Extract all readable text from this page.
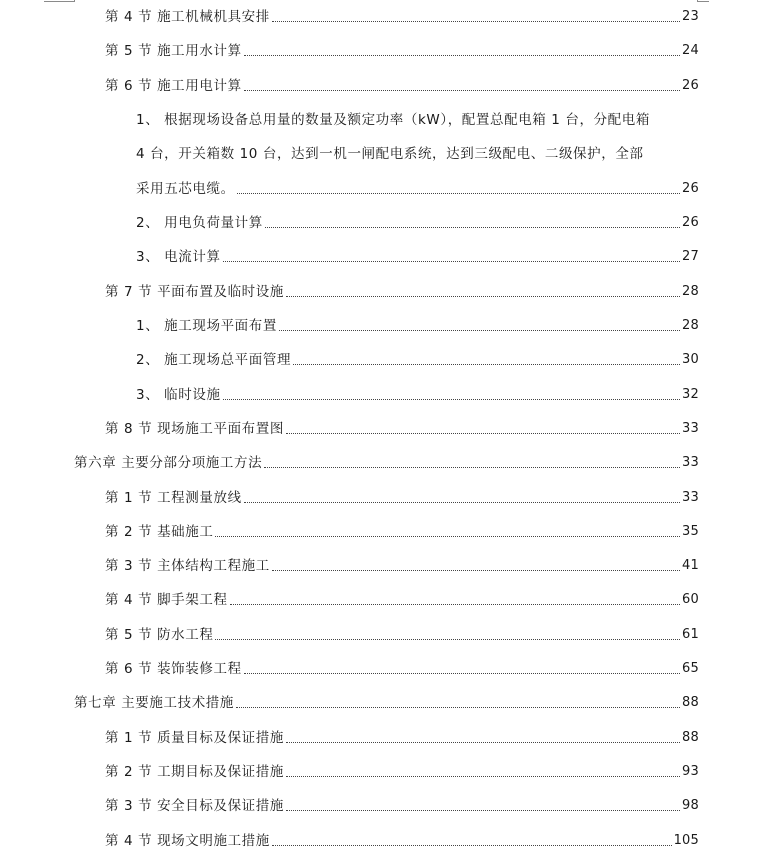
第 4 节 施工机械机具安排	23
第 5 节 施工用水计算	24
第 6 节 施工用电计算	26
1、 根据现场设备总用量的数量及额定功率（kW），配置总配电箱 1 台，分配电箱
4 台，开关箱数 10 台，达到一机一闸配电系统，达到三级配电、二级保护，全部
采用五芯电缆。	26
2、 用电负荷量计算	26
3、 电流计算	27
第 7 节 平面布置及临时设施	28
1、 施工现场平面布置	28
2、 施工现场总平面管理	30
3、 临时设施	32
第 8 节 现场施工平面布置图	33
第六章 主要分部分项施工方法	33
第 1 节 工程测量放线	33
第 2 节 基础施工	35
第 3 节 主体结构工程施工	41
第 4 节 脚手架工程	60
第 5 节 防水工程	61
第 6 节 装饰装修工程	65
第七章 主要施工技术措施	88
第 1 节 质量目标及保证措施	88
第 2 节 工期目标及保证措施	93
第 3 节 安全目标及保证措施	98
第 4 节 现场文明施工措施	105
